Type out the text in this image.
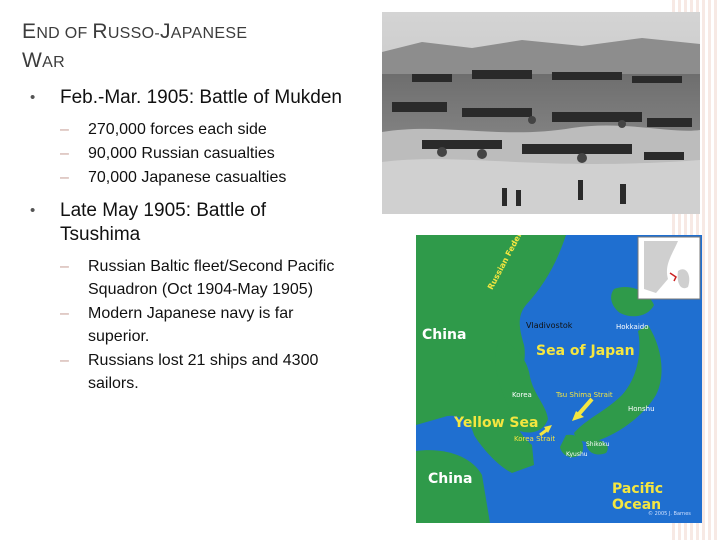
END OF RUSSO-JAPANESE
WAR
• Feb.-Mar. 1905: Battle of Mukden
– 270,000 forces each side
– 90,000 Russian casualties
– 70,000 Japanese casualties
• Late May 1905: Battle of Tsushima
– Russian Baltic fleet/Second Pacific Squadron (Oct 1904-May 1905)
– Modern Japanese navy is far superior.
– Russians lost 21 ships and 4300 sailors.
China
China
Sea of Japan
Yellow Sea
Pacific Ocean
Vladivostok	Hokkaido
Korea	Tsu Shima Strait
Korea Strait
Honshu
Shikoku
Kyushu
© 2005 J. Barnes
